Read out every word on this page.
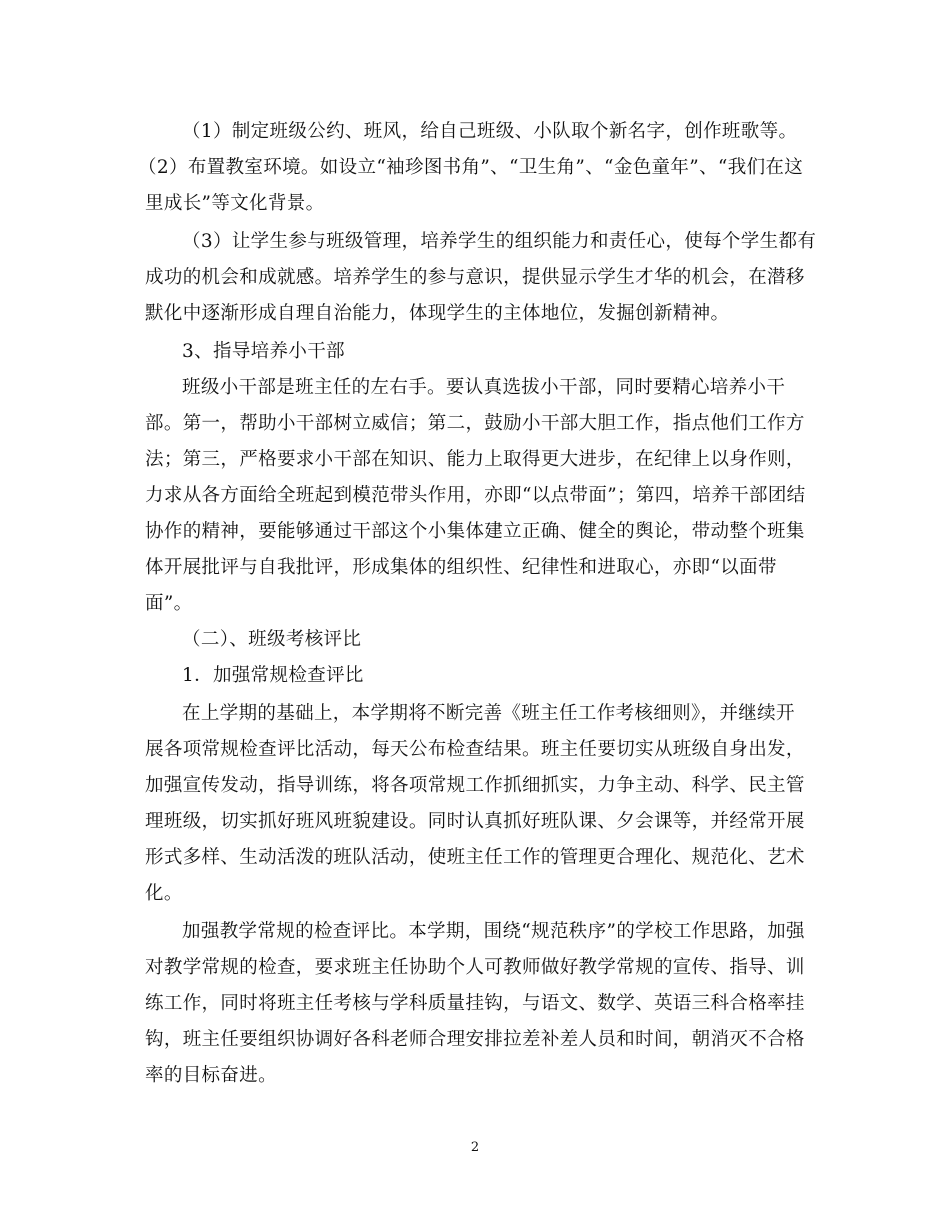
（1）制定班级公约、班风，给自己班级、小队取个新名字，创作班歌等。
（2）布置教室环境。如设立“袖珍图书角”、“卫生角”、“金色童年”、“我们在这
里成长”等文化背景。
（3）让学生参与班级管理，培养学生的组织能力和责任心，使每个学生都有
成功的机会和成就感。培养学生的参与意识，提供显示学生才华的机会，在潜移
默化中逐渐形成自理自治能力，体现学生的主体地位，发掘创新精神。
3、指导培养小干部
班级小干部是班主任的左右手。要认真选拔小干部，同时要精心培养小干
部。第一，帮助小干部树立威信；第二，鼓励小干部大胆工作，指点他们工作方
法；第三，严格要求小干部在知识、能力上取得更大进步，在纪律上以身作则，
力求从各方面给全班起到模范带头作用，亦即“以点带面”；第四，培养干部团结
协作的精神，要能够通过干部这个小集体建立正确、健全的舆论，带动整个班集
体开展批评与自我批评，形成集体的组织性、纪律性和进取心，亦即“以面带
面”。
（二）、班级考核评比
1．加强常规检查评比
在上学期的基础上，本学期将不断完善《班主任工作考核细则》，并继续开
展各项常规检查评比活动，每天公布检查结果。班主任要切实从班级自身出发，
加强宣传发动，指导训练，将各项常规工作抓细抓实，力争主动、科学、民主管
理班级，切实抓好班风班貌建设。同时认真抓好班队课、夕会课等，并经常开展
形式多样、生动活泼的班队活动，使班主任工作的管理更合理化、规范化、艺术
化。
加强教学常规的检查评比。本学期，围绕“规范秩序”的学校工作思路，加强
对教学常规的检查，要求班主任协助个人可教师做好教学常规的宣传、指导、训
练工作，同时将班主任考核与学科质量挂钩，与语文、数学、英语三科合格率挂
钩，班主任要组织协调好各科老师合理安排拉差补差人员和时间，朝消灭不合格
率的目标奋进。
2
